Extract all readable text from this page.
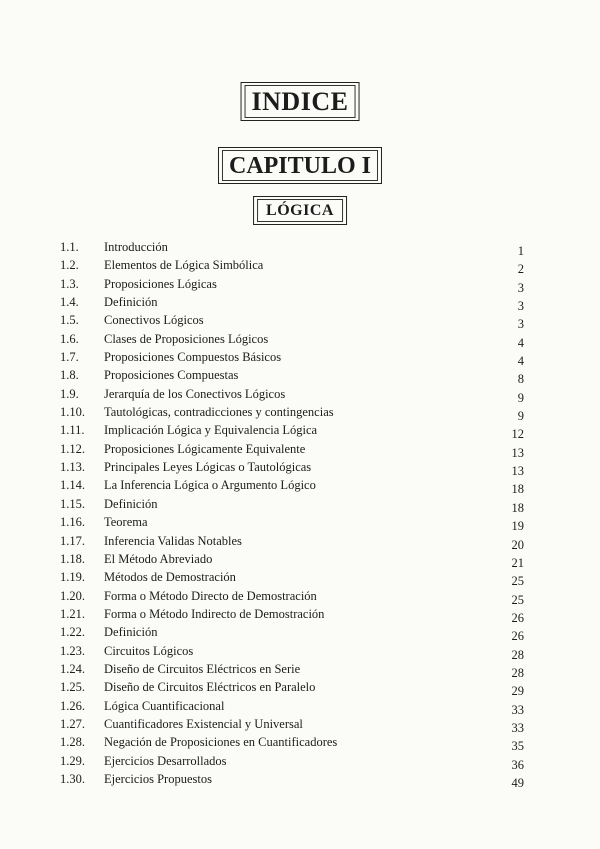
INDICE
CAPITULO I
LÓGICA
1.1. Introducción	1
1.2. Elementos de Lógica Simbólica	2
1.3. Proposiciones Lógicas	3
1.4. Definición	3
1.5. Conectivos Lógicos	3
1.6. Clases de Proposiciones Lógicos	4
1.7. Proposiciones Compuestos Básicos	4
1.8. Proposiciones Compuestas	8
1.9. Jerarquía de los Conectivos Lógicos	9
1.10. Tautológicas, contradicciones y contingencias	9
1.11. Implicación Lógica y Equivalencia Lógica	12
1.12. Proposiciones Lógicamente Equivalente	13
1.13. Principales Leyes Lógicas o Tautológicas	13
1.14. La Inferencia Lógica o Argumento Lógico	18
1.15. Definición	18
1.16. Teorema	19
1.17. Inferencia Validas Notables	20
1.18. El Método Abreviado	21
1.19. Métodos de Demostración	25
1.20. Forma o Método Directo de Demostración	25
1.21. Forma o Método Indirecto de Demostración	26
1.22. Definición	26
1.23. Circuitos Lógicos	28
1.24. Diseño de Circuitos Eléctricos en Serie	28
1.25. Diseño de Circuitos Eléctricos en Paralelo	29
1.26. Lógica Cuantificacional	33
1.27. Cuantificadores Existencial y Universal	33
1.28. Negación de Proposiciones en Cuantificadores	35
1.29. Ejercicios Desarrollados	36
1.30. Ejercicios Propuestos	49
